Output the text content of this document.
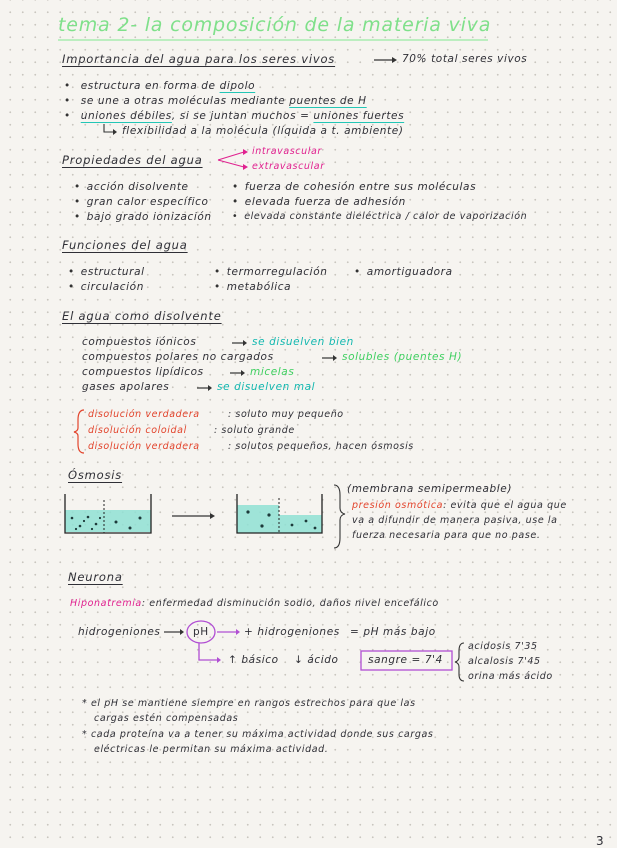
tema 2- la composición de la materia viva
Importancia del agua para los seres vivos	70% total seres vivos
• estructura en forma de dipolo
• se une a otras moléculas mediante puentes de H
• uniones débiles, si se juntan muchos = uniones fuertes
flexibilidad a la molécula (líquida a t. ambiente)
Propiedades del agua
intravascular
extravascular
• acción disolvente
• gran calor específico
• bajo grado ionización
• fuerza de cohesión entre sus moléculas
• elevada fuerza de adhesión
• elevada constante dieléctrica / calor de vaporización
Funciones del agua
• estructural
• circulación
• termorregulación
• metabólica
• amortiguadora
El agua como disolvente
compuestos iónicos	se disuelven bien
compuestos polares no cargados	solubles (puentes H)
compuestos lipídicos	micelas
gases apolares	se disuelven mal
disolución verdadera	: soluto muy pequeño
disolución coloidal	: soluto grande
disolución verdadera	: solutos pequeños, hacen ósmosis
Ósmosis
(membrana semipermeable)
presión osmótica: evita que el agua que
va a difundir de manera pasiva, use la
fuerza necesaria para que no pase.
Neurona
Hiponatremia: enfermedad disminución sodio, daños nivel encefálico
hidrogeniones	pH	+ hidrogeniones = pH más bajo
↑ básico ↓ ácido	sangre = 7'4
acidosis 7'35
alcalosis 7'45
orina más ácido
* el pH se mantiene siempre en rangos estrechos para que las
cargas estén compensadas
* cada proteína va a tener su máxima actividad donde sus cargas
eléctricas le permitan su máxima actividad.
3
